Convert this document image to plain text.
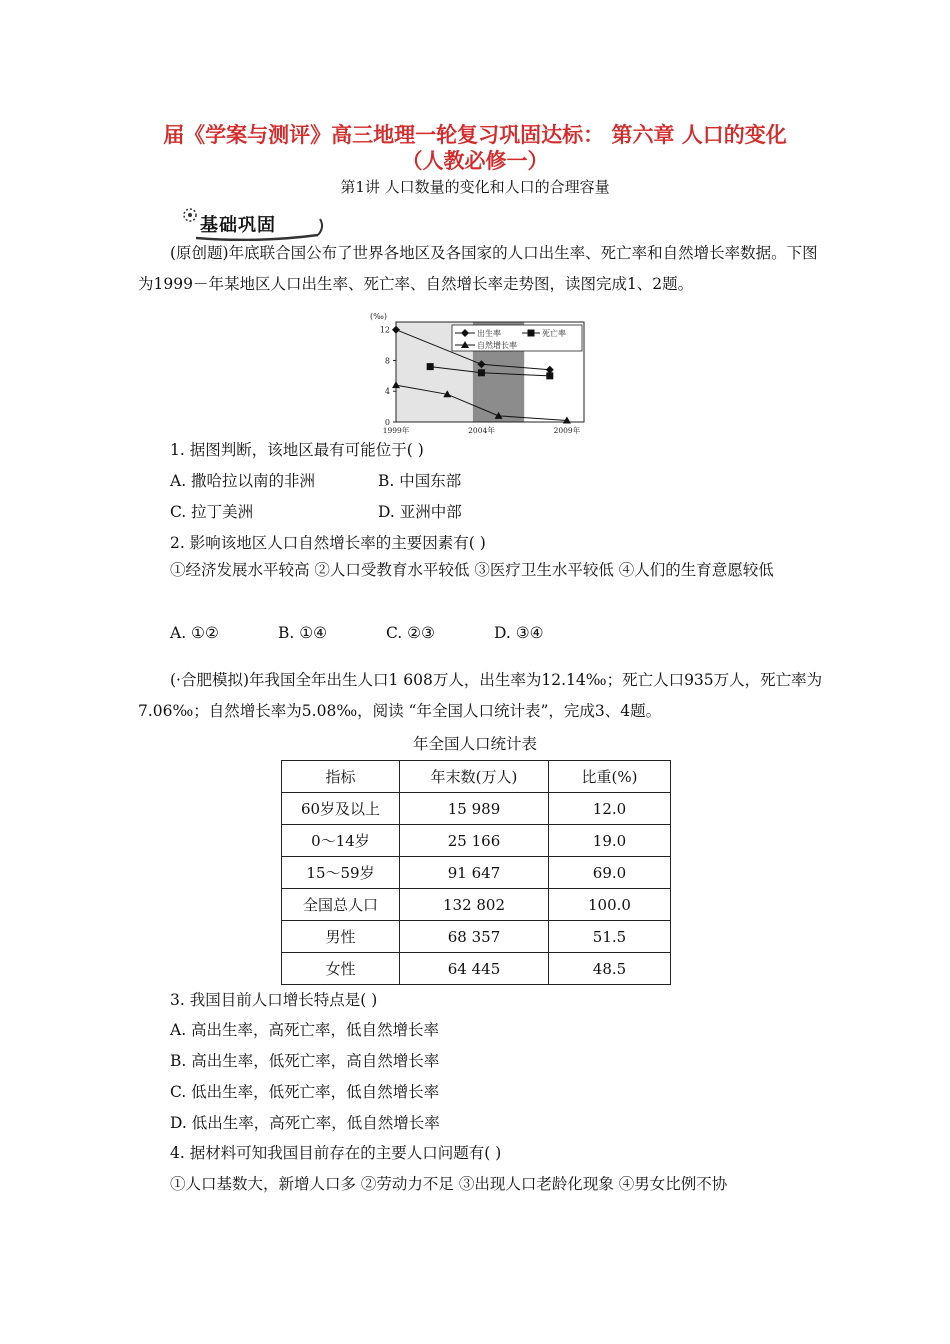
届《学案与测评》高三地理一轮复习巩固达标： 第六章 人口的变化
（人教必修一）
第1讲 人口数量的变化和人口的合理容量
基础巩固
(原创题)年底联合国公布了世界各地区及各国家的人口出生率、死亡率和自然增长率数据。下图为1999－年某地区人口出生率、死亡率、自然增长率走势图，读图完成1、2题。
(‰)
12
8
4
0
1999年	2004年	2009年
出生率	死亡率
自然增长率
1. 据图判断，该地区最有可能位于( )
A. 撒哈拉以南的非洲	B. 中国东部
C. 拉丁美洲	D. 亚洲中部
2. 影响该地区人口自然增长率的主要因素有( )
①经济发展水平较高 ②人口受教育水平较低 ③医疗卫生水平较低 ④人们的生育意愿较低
A. ①②	B. ①④	C. ②③	D. ③④
(·合肥模拟)年我国全年出生人口1 608万人，出生率为12.14‰；死亡人口935万人，死亡率为7.06‰；自然增长率为5.08‰，阅读 “年全国人口统计表”，完成3、4题。
年全国人口统计表
指标	年末数(万人)	比重(%)
60岁及以上	15 989	12.0
0～14岁	25 166	19.0
15～59岁	91 647	69.0
全国总人口	132 802	100.0
男性	68 357	51.5
女性	64 445	48.5
3. 我国目前人口增长特点是( )
A. 高出生率，高死亡率，低自然增长率
B. 高出生率，低死亡率，高自然增长率
C. 低出生率，低死亡率，低自然增长率
D. 低出生率，高死亡率，低自然增长率
4. 据材料可知我国目前存在的主要人口问题有( )
①人口基数大，新增人口多 ②劳动力不足 ③出现人口老龄化现象 ④男女比例不协
